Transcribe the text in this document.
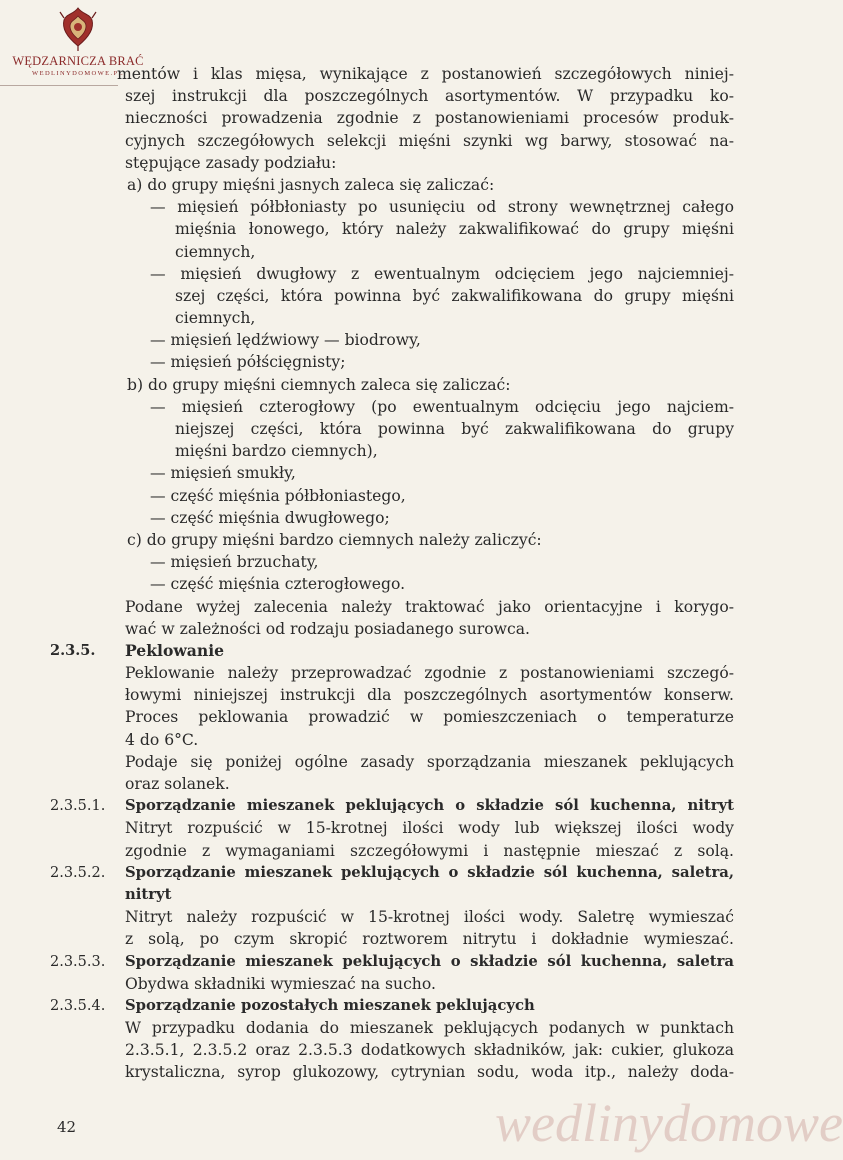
WĘDZARNICZA BRAĆ
WEDLINYDOMOWE.PL
mentów i klas mięsa, wynikające z postanowień szczegółowych niniej-
szej instrukcji dla poszczególnych asortymentów. W przypadku ko-
nieczności prowadzenia zgodnie z postanowieniami procesów produk-
cyjnych szczegółowych selekcji mięśni szynki wg barwy, stosować na-
stępujące zasady podziału:
a) do grupy mięśni jasnych zaleca się zaliczać:
— mięsień półbłoniasty po usunięciu od strony wewnętrznej całego
mięśnia łonowego, który należy zakwalifikować do grupy mięśni
ciemnych,
— mięsień dwugłowy z ewentualnym odcięciem jego najciemniej-
szej części, która powinna być zakwalifikowana do grupy mięśni
ciemnych,
— mięsień lędźwiowy — biodrowy,
— mięsień półścięgnisty;
b) do grupy mięśni ciemnych zaleca się zaliczać:
— mięsień czterogłowy (po ewentualnym odcięciu jego najciem-
niejszej części, która powinna być zakwalifikowana do grupy
mięśni bardzo ciemnych),
— mięsień smukły,
— część mięśnia półbłoniastego,
— część mięśnia dwugłowego;
c) do grupy mięśni bardzo ciemnych należy zaliczyć:
— mięsień brzuchaty,
— część mięśnia czterogłowego.
Podane wyżej zalecenia należy traktować jako orientacyjne i korygo-
wać w zależności od rodzaju posiadanego surowca.
2.3.5.	Peklowanie
Peklowanie należy przeprowadzać zgodnie z postanowieniami szczegó-
łowymi niniejszej instrukcji dla poszczególnych asortymentów konserw.
Proces peklowania prowadzić w pomieszczeniach o temperaturze
4 do 6°C.
Podaje się poniżej ogólne zasady sporządzania mieszanek peklujących
oraz solanek.
2.3.5.1.	Sporządzanie mieszanek peklujących o składzie sól kuchenna, nitryt
Nitryt rozpuścić w 15-krotnej ilości wody lub większej ilości wody
zgodnie z wymaganiami szczegółowymi i następnie mieszać z solą.
2.3.5.2.	Sporządzanie mieszanek peklujących o składzie sól kuchenna, saletra,
nitryt
Nitryt należy rozpuścić w 15-krotnej ilości wody. Saletrę wymieszać
z solą, po czym skropić roztworem nitrytu i dokładnie wymieszać.
2.3.5.3.	Sporządzanie mieszanek peklujących o składzie sól kuchenna, saletra
Obydwa składniki wymieszać na sucho.
2.3.5.4.	Sporządzanie pozostałych mieszanek peklujących
W przypadku dodania do mieszanek peklujących podanych w punktach
2.3.5.1, 2.3.5.2 oraz 2.3.5.3 dodatkowych składników, jak: cukier, glukoza
krystaliczna, syrop glukozowy, cytrynian sodu, woda itp., należy doda-
wedlinydomowe
42
